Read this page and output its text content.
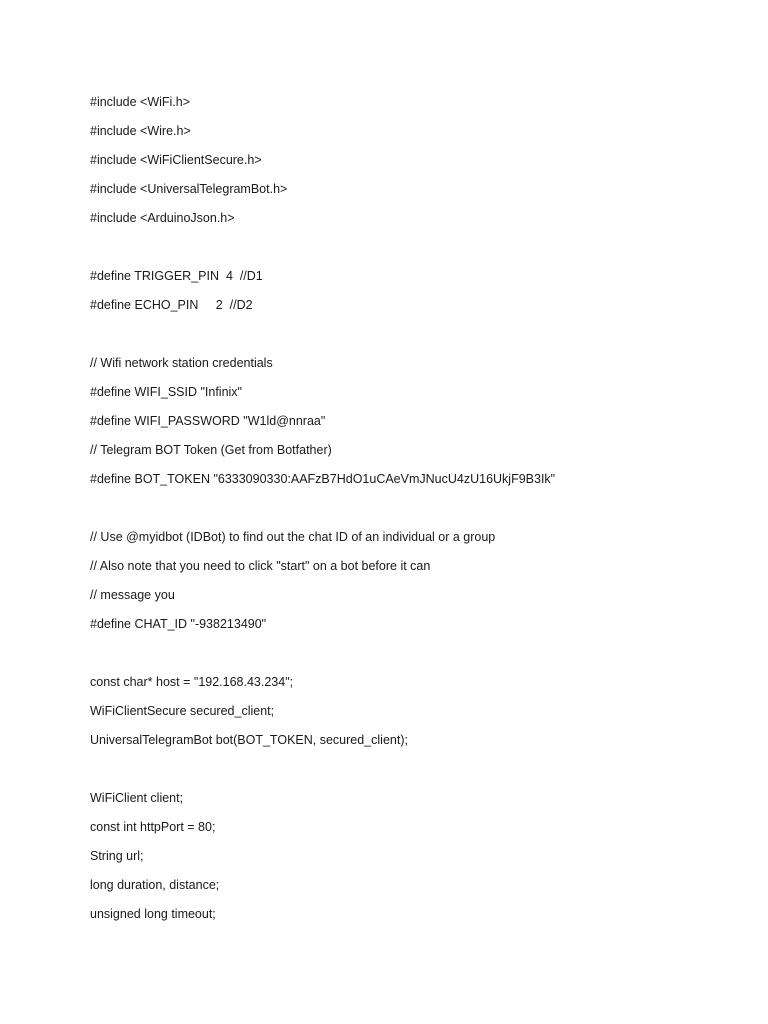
#include <WiFi.h>
#include <Wire.h>
#include <WiFiClientSecure.h>
#include <UniversalTelegramBot.h>
#include <ArduinoJson.h>
#define TRIGGER_PIN  4  //D1
#define ECHO_PIN     2  //D2
// Wifi network station credentials
#define WIFI_SSID "Infinix"
#define WIFI_PASSWORD "W1ld@nnraa"
// Telegram BOT Token (Get from Botfather)
#define BOT_TOKEN "6333090330:AAFzB7HdO1uCAeVmJNucU4zU16UkjF9B3Ik"
// Use @myidbot (IDBot) to find out the chat ID of an individual or a group
// Also note that you need to click "start" on a bot before it can
// message you
#define CHAT_ID "-938213490"
const char* host = "192.168.43.234";
WiFiClientSecure secured_client;
UniversalTelegramBot bot(BOT_TOKEN, secured_client);
WiFiClient client;
const int httpPort = 80;
String url;
long duration, distance;
unsigned long timeout;
